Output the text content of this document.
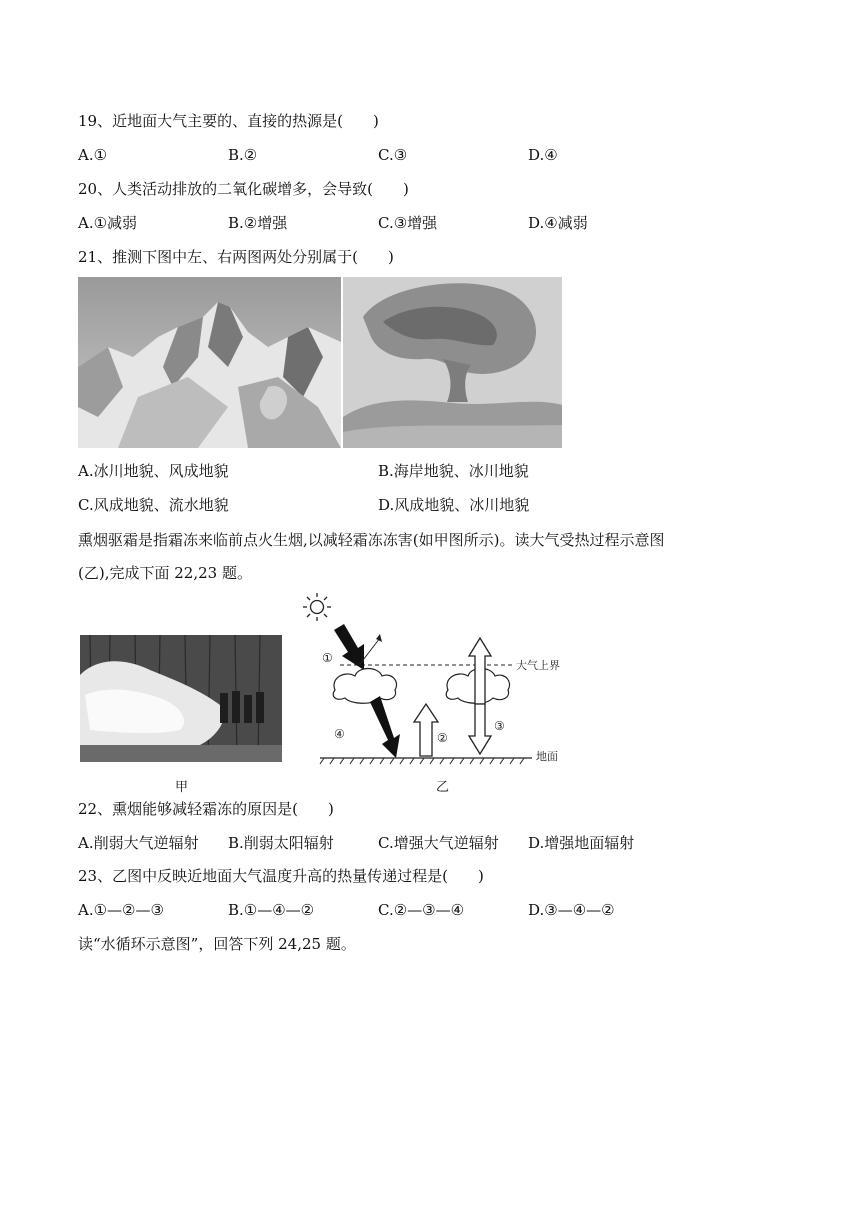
19、近地面大气主要的、直接的热源是(　　)
A.①	B.②	C.③	D.④
20、人类活动排放的二氧化碳增多，会导致(　　)
A.①减弱	B.②增强	C.③增强	D.④减弱
21、推测下图中左、右两图两处分别属于(　　)
A.冰川地貌、风成地貌	B.海岸地貌、冰川地貌
C.风成地貌、流水地貌	D.风成地貌、冰川地貌
熏烟驱霜是指霜冻来临前点火生烟,以减轻霜冻冻害(如甲图所示)。读大气受热过程示意图
(乙),完成下面 22,23 题。
甲
大气上界
①
④	②
③
地面
乙
22、熏烟能够减轻霜冻的原因是(　　)
A.削弱大气逆辐射 B.削弱太阳辐射	C.增强大气逆辐射 D.增强地面辐射
23、乙图中反映近地面大气温度升高的热量传递过程是(　　)
A.①—②—③	B.①—④—②	C.②—③—④	D.③—④—②
读“水循环示意图”，回答下列 24,25 题。
